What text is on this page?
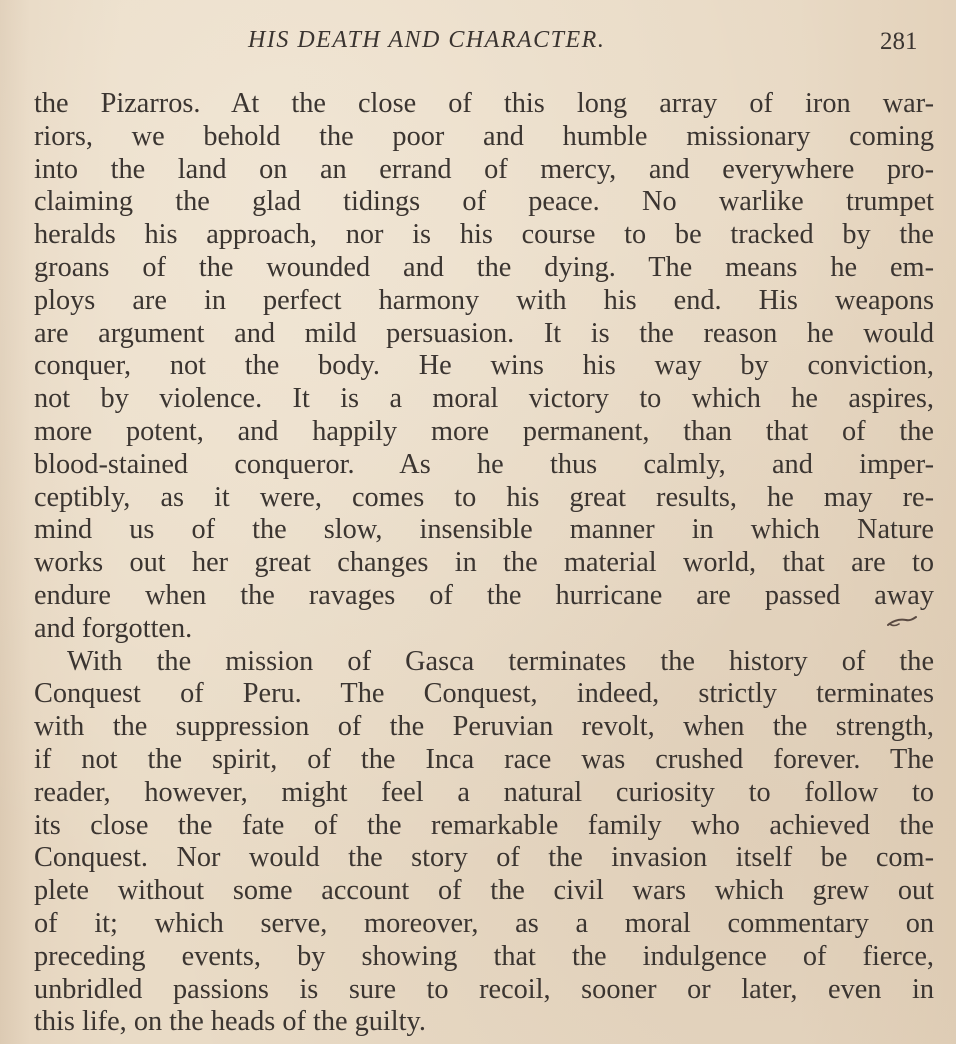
HIS DEATH AND CHARACTER.	281
the Pizarros. At the close of this long array of iron war-
riors, we behold the poor and humble missionary coming
into the land on an errand of mercy, and everywhere pro-
claiming the glad tidings of peace. No warlike trumpet
heralds his approach, nor is his course to be tracked by the
groans of the wounded and the dying. The means he em-
ploys are in perfect harmony with his end. His weapons
are argument and mild persuasion. It is the reason he would
conquer, not the body. He wins his way by conviction,
not by violence. It is a moral victory to which he aspires,
more potent, and happily more permanent, than that of the
blood-stained conqueror. As he thus calmly, and imper-
ceptibly, as it were, comes to his great results, he may re-
mind us of the slow, insensible manner in which Nature
works out her great changes in the material world, that are to
endure when the ravages of the hurricane are passed away
and forgotten.
With the mission of Gasca terminates the history of the
Conquest of Peru. The Conquest, indeed, strictly terminates
with the suppression of the Peruvian revolt, when the strength,
if not the spirit, of the Inca race was crushed forever. The
reader, however, might feel a natural curiosity to follow to
its close the fate of the remarkable family who achieved the
Conquest. Nor would the story of the invasion itself be com-
plete without some account of the civil wars which grew out
of it; which serve, moreover, as a moral commentary on
preceding events, by showing that the indulgence of fierce,
unbridled passions is sure to recoil, sooner or later, even in
this life, on the heads of the guilty.
